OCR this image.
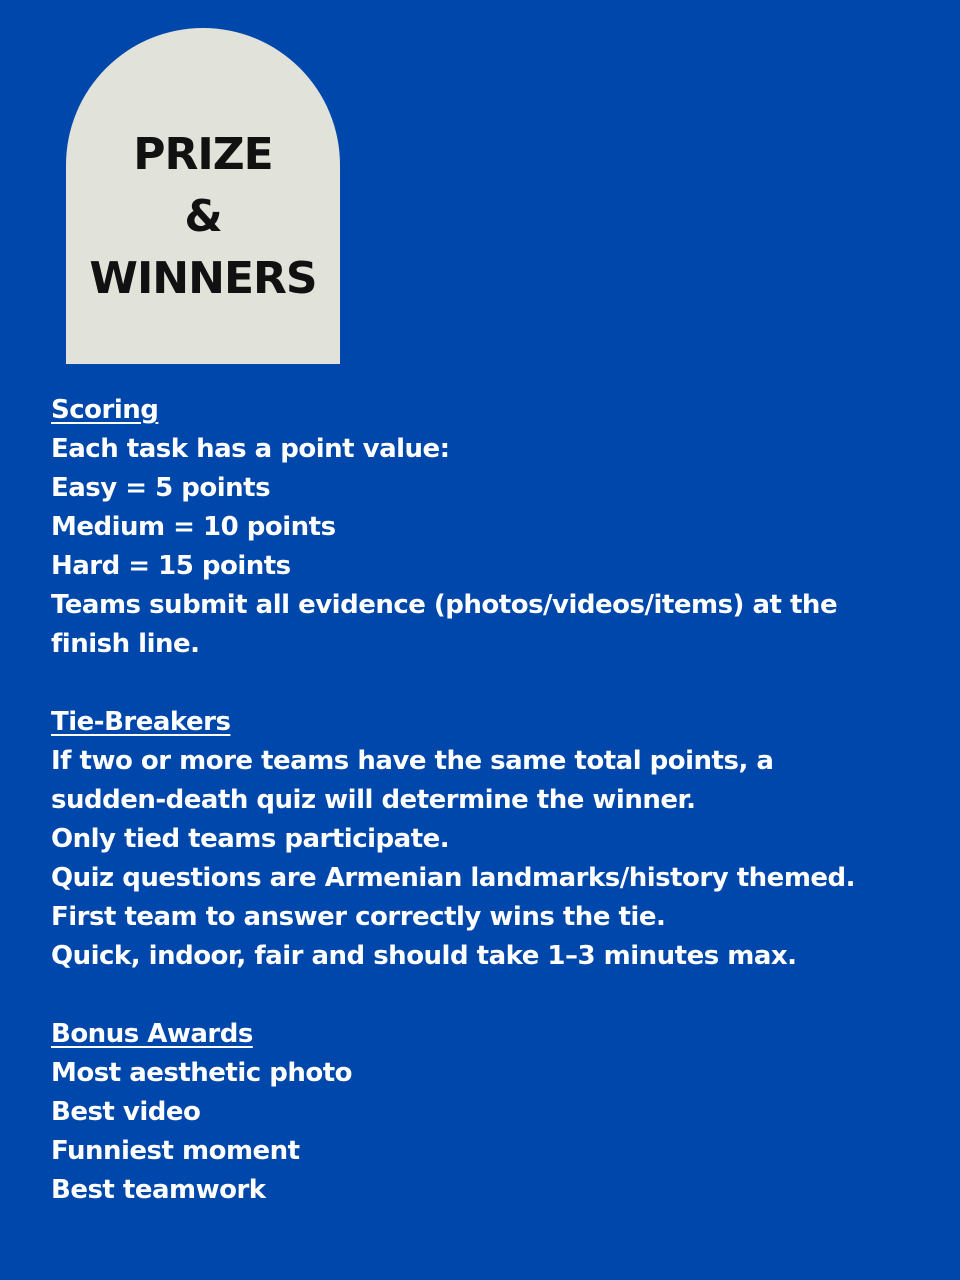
PRIZE
&
WINNERS
Scoring
Each task has a point value:
Easy = 5 points
Medium = 10 points
Hard = 15 points
Teams submit all evidence (photos/videos/items) at the finish line.
Tie-Breakers
If two or more teams have the same total points, a sudden-death quiz will determine the winner.
Only tied teams participate.
Quiz questions are Armenian landmarks/history themed.
First team to answer correctly wins the tie.
Quick, indoor, fair and should take 1–3 minutes max.
Bonus Awards
Most aesthetic photo
Best video
Funniest moment
Best teamwork
